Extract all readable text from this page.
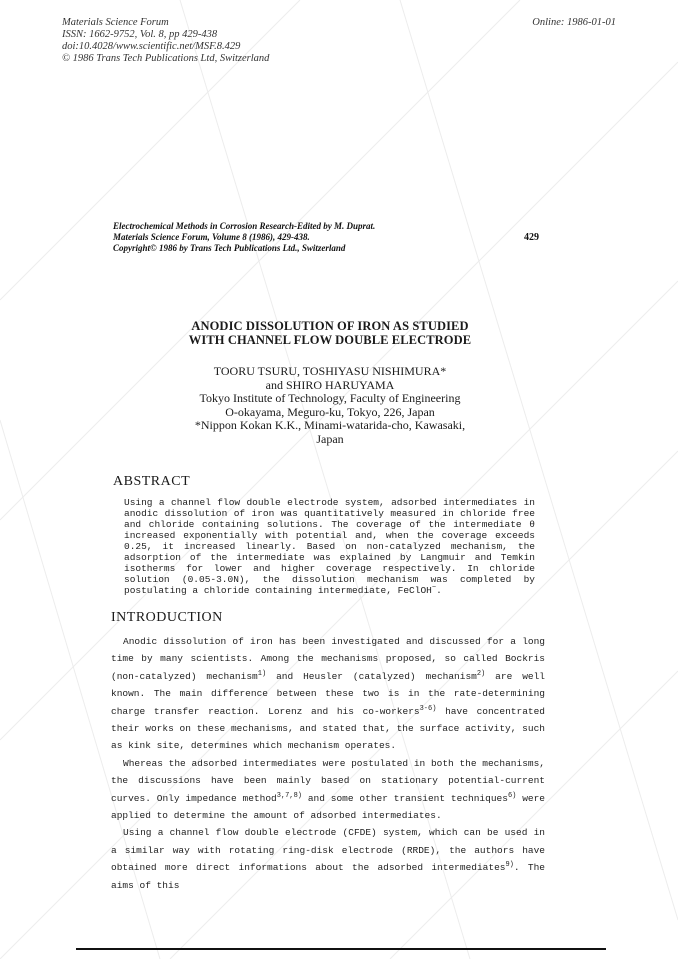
Materials Science Forum
ISSN: 1662-9752, Vol. 8, pp 429-438
doi:10.4028/www.scientific.net/MSF.8.429
© 1986 Trans Tech Publications Ltd, Switzerland
Online: 1986-01-01
Electrochemical Methods in Corrosion Research-Edited by M. Duprat.
Materials Science Forum, Volume 8 (1986), 429-438.
Copyright© 1986 by Trans Tech Publications Ltd., Switzerland
429
ANODIC DISSOLUTION OF IRON AS STUDIED
WITH CHANNEL FLOW DOUBLE ELECTRODE
TOORU TSURU, TOSHIYASU NISHIMURA*
and SHIRO HARUYAMA
Tokyo Institute of Technology, Faculty of Engineering
O-okayama, Meguro-ku, Tokyo, 226, Japan
*Nippon Kokan K.K., Minami-watarida-cho, Kawasaki,
Japan
ABSTRACT
Using a channel flow double electrode system, adsorbed intermediates in anodic dissolution of iron was quantitatively measured in chloride free and chloride containing solutions. The coverage of the intermediate θ increased exponentially with potential and, when the coverage exceeds 0.25, it increased linearly. Based on non-catalyzed mechanism, the adsorption of the intermediate was explained by Langmuir and Temkin isotherms for lower and higher coverage respectively. In chloride solution (0.05-3.0N), the dissolution mechanism was completed by postulating a chloride containing intermediate, FeClOH−.
INTRODUCTION

Anodic dissolution of iron has been investigated and discussed for a long time by many scientists. Among the mechanisms proposed, so called Bockris (non-catalyzed) mechanism$^{1)}$ and Heusler (catalyzed) mechanism$^{2)}$ are well known. The main difference between these two is in the rate-determining charge transfer reaction. Lorenz and his co-workers$^{3-6)}$ have concentrated their works on these mechanisms, and stated that, the surface activity, such as kink site, determines which mechanism operates.

Whereas the adsorbed intermediates were postulated in both the mechanisms, the discussions have been mainly based on stationary potential-current curves. Only impedance method$^{3,7,8)}$ and some other transient techniques$^{6)}$ were applied to determine the amount of adsorbed intermediates.

Using a channel flow double electrode (CFDE) system, which can be used in a similar way with rotating ring-disk electrode (RRDE), the authors have obtained more direct informations about the adsorbed intermediates$^{9)}$. The aims of this
